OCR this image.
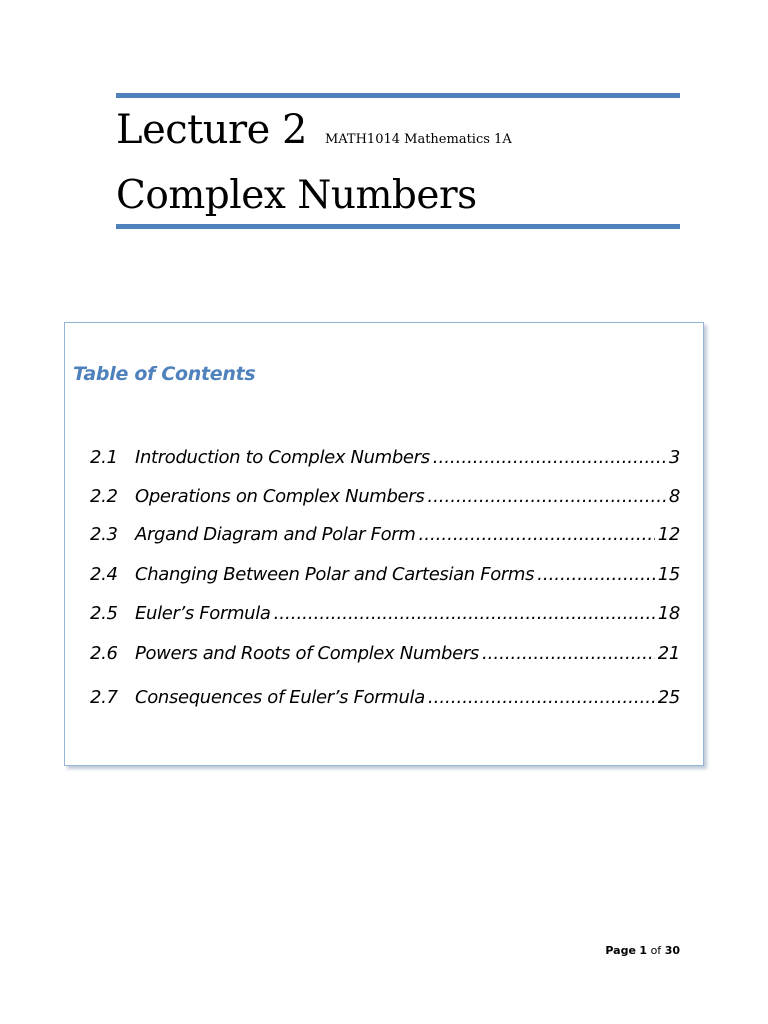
Lecture 2 MATH1014 Mathematics 1A
Complex Numbers
Table of Contents
2.1 Introduction to Complex Numbers .....	3
2.2 Operations on Complex Numbers .....	8
2.3 Argand Diagram and Polar Form .....	12
2.4 Changing Between Polar and Cartesian Forms .....	15
2.5 Euler’s Formula .....	18
2.6 Powers and Roots of Complex Numbers .....	21
2.7 Consequences of Euler’s Formula .....	25
Page 1 of 30
